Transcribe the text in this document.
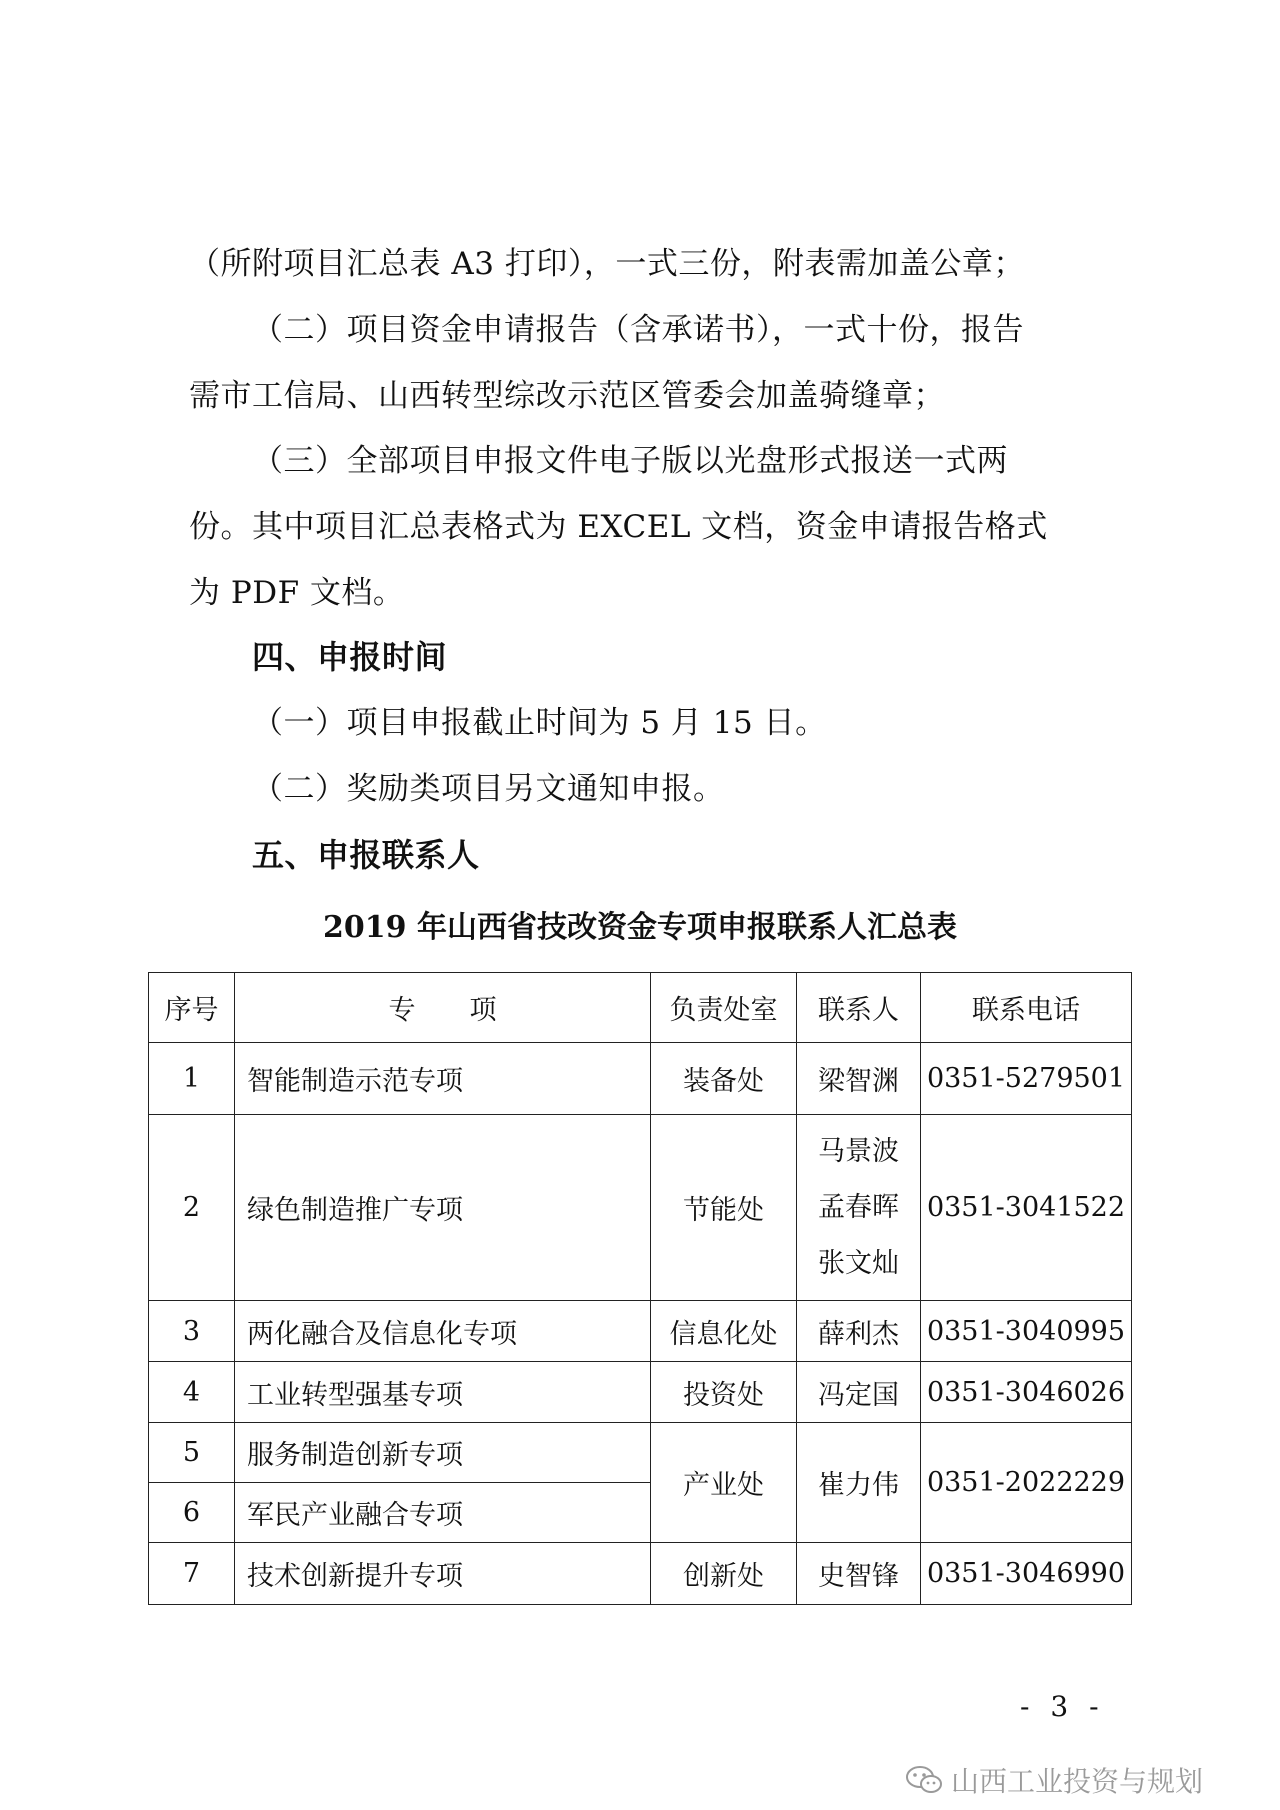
（所附项目汇总表 A3 打印），一式三份，附表需加盖公章；
（二）项目资金申请报告（含承诺书），一式十份，报告
需市工信局、山西转型综改示范区管委会加盖骑缝章；
（三）全部项目申报文件电子版以光盘形式报送一式两
份。其中项目汇总表格式为 EXCEL 文档，资金申请报告格式
为 PDF 文档。
四、申报时间
（一）项目申报截止时间为 5 月 15 日。
（二）奖励类项目另文通知申报。
五、申报联系人
2019 年山西省技改资金专项申报联系人汇总表
序号	专　　项	负责处室	联系人	联系电话
1	智能制造示范专项	装备处	梁智渊	0351-5279501
2	绿色制造推广专项	节能处	马景波
孟春晖
张文灿	0351-3041522
3	两化融合及信息化专项	信息化处	薛利杰	0351-3040995
4	工业转型强基专项	投资处	冯定国	0351-3046026
5	服务制造创新专项	产业处	崔力伟	0351-2022229
6	军民产业融合专项			
7	技术创新提升专项	创新处	史智锋	0351-3046990
- 3 -
山西工业投资与规划
